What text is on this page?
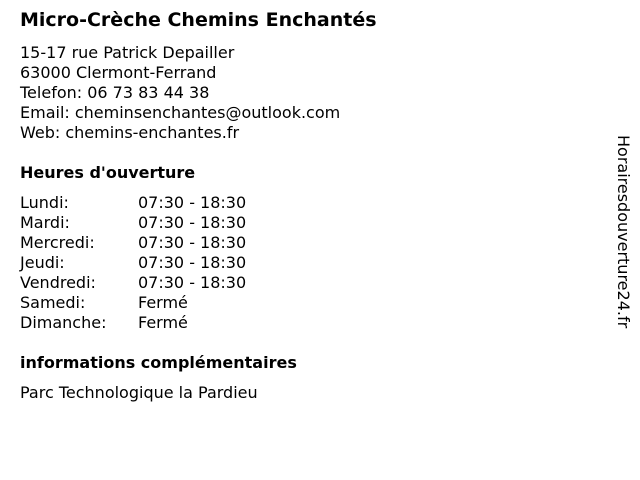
Micro-Crèche Chemins Enchantés
15-17 rue Patrick Depailler
63000 Clermont-Ferrand
Telefon: 06 73 83 44 38
Email: cheminsenchantes@outlook.com
Web: chemins-enchantes.fr
Heures d'ouverture
Lundi:	07:30 - 18:30
Mardi:	07:30 - 18:30
Mercredi:	07:30 - 18:30
Jeudi:	07:30 - 18:30
Vendredi:	07:30 - 18:30
Samedi:	Fermé
Dimanche:	Fermé
informations complémentaires
Parc Technologique la Pardieu
Horairesdouverture24.fr
